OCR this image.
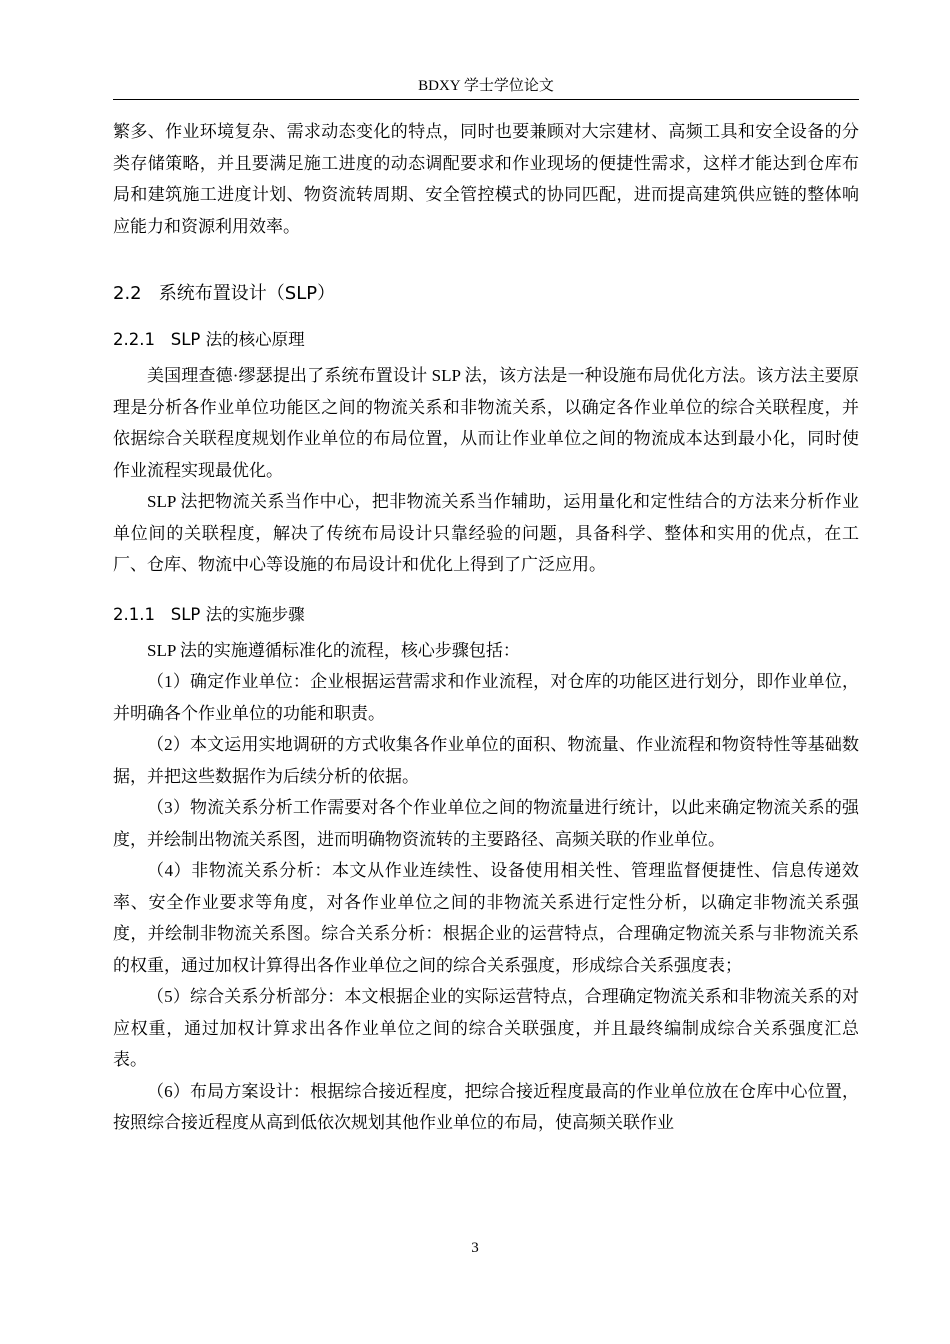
BDXY 学士学位论文

繁多、作业环境复杂、需求动态变化的特点，同时也要兼顾对大宗建材、高频工具和安全设备的分类存储策略，并且要满足施工进度的动态调配要求和作业现场的便捷性需求，这样才能达到仓库布局和建筑施工进度计划、物资流转周期、安全管控模式的协同匹配，进而提高建筑供应链的整体响应能力和资源利用效率。

2.2 系统布置设计（SLP）
2.2.1 SLP 法的核心原理

美国理查德·缪瑟提出了系统布置设计 SLP 法，该方法是一种设施布局优化方法。该方法主要原理是分析各作业单位功能区之间的物流关系和非物流关系，以确定各作业单位的综合关联程度，并依据综合关联程度规划作业单位的布局位置，从而让作业单位之间的物流成本达到最小化，同时使作业流程实现最优化。

SLP 法把物流关系当作中心，把非物流关系当作辅助，运用量化和定性结合的方法来分析作业单位间的关联程度，解决了传统布局设计只靠经验的问题，具备科学、整体和实用的优点，在工厂、仓库、物流中心等设施的布局设计和优化上得到了广泛应用。

2.1.1 SLP 法的实施步骤

SLP 法的实施遵循标准化的流程，核心步骤包括：

（1）确定作业单位：企业根据运营需求和作业流程，对仓库的功能区进行划分，即作业单位，并明确各个作业单位的功能和职责。

（2）本文运用实地调研的方式收集各作业单位的面积、物流量、作业流程和物资特性等基础数据，并把这些数据作为后续分析的依据。

（3）物流关系分析工作需要对各个作业单位之间的物流量进行统计，以此来确定物流关系的强度，并绘制出物流关系图，进而明确物资流转的主要路径、高频关联的作业单位。

（4）非物流关系分析：本文从作业连续性、设备使用相关性、管理监督便捷性、信息传递效率、安全作业要求等角度，对各作业单位之间的非物流关系进行定性分析，以确定非物流关系强度，并绘制非物流关系图。综合关系分析：根据企业的运营特点，合理确定物流关系与非物流关系的权重，通过加权计算得出各作业单位之间的综合关系强度，形成综合关系强度表；

（5）综合关系分析部分：本文根据企业的实际运营特点，合理确定物流关系和非物流关系的对应权重，通过加权计算求出各作业单位之间的综合关联强度，并且最终编制成综合关系强度汇总表。

（6）布局方案设计：根据综合接近程度，把综合接近程度最高的作业单位放在仓库中心位置，按照综合接近程度从高到低依次规划其他作业单位的布局，使高频关联作业

3
